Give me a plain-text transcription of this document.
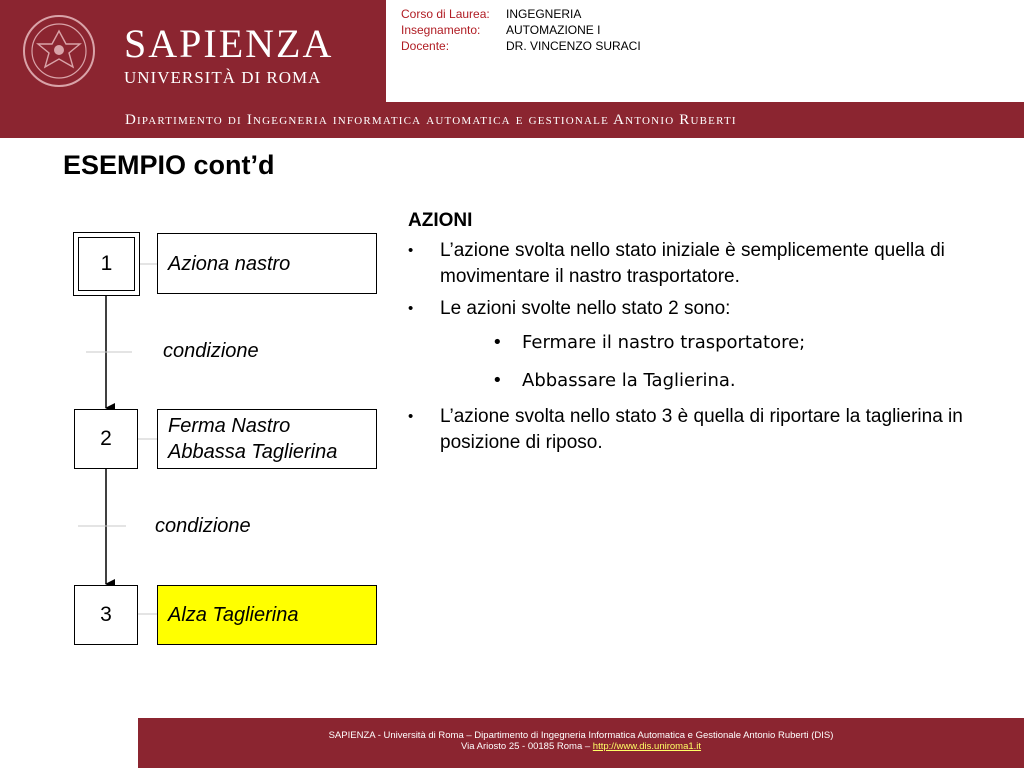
SAPIENZA
UNIVERSITÀ DI ROMA
Corso di Laurea:	INGEGNERIA
Insegnamento:	AUTOMAZIONE I
Docente:	DR. VINCENZO SURACI
Dipartimento di Ingegneria informatica automatica e gestionale Antonio Ruberti
ESEMPIO cont’d
1	Aziona nastro
condizione
2
Ferma Nastro
Abbassa Taglierina
condizione
3	Alza Taglierina
AZIONI
•	L’azione svolta nello stato iniziale è semplicemente quella di movimentare il nastro trasportatore.
•	Le azioni svolte nello stato 2 sono:
•	Fermare il nastro trasportatore;
•	Abbassare la Taglierina.
•	L’azione svolta nello stato 3 è quella di riportare la taglierina in posizione di riposo.
SAPIENZA - Università di Roma – Dipartimento di Ingegneria Informatica Automatica e Gestionale Antonio Ruberti (DIS)
Via Ariosto 25 - 00185 Roma – http://www.dis.uniroma1.it
